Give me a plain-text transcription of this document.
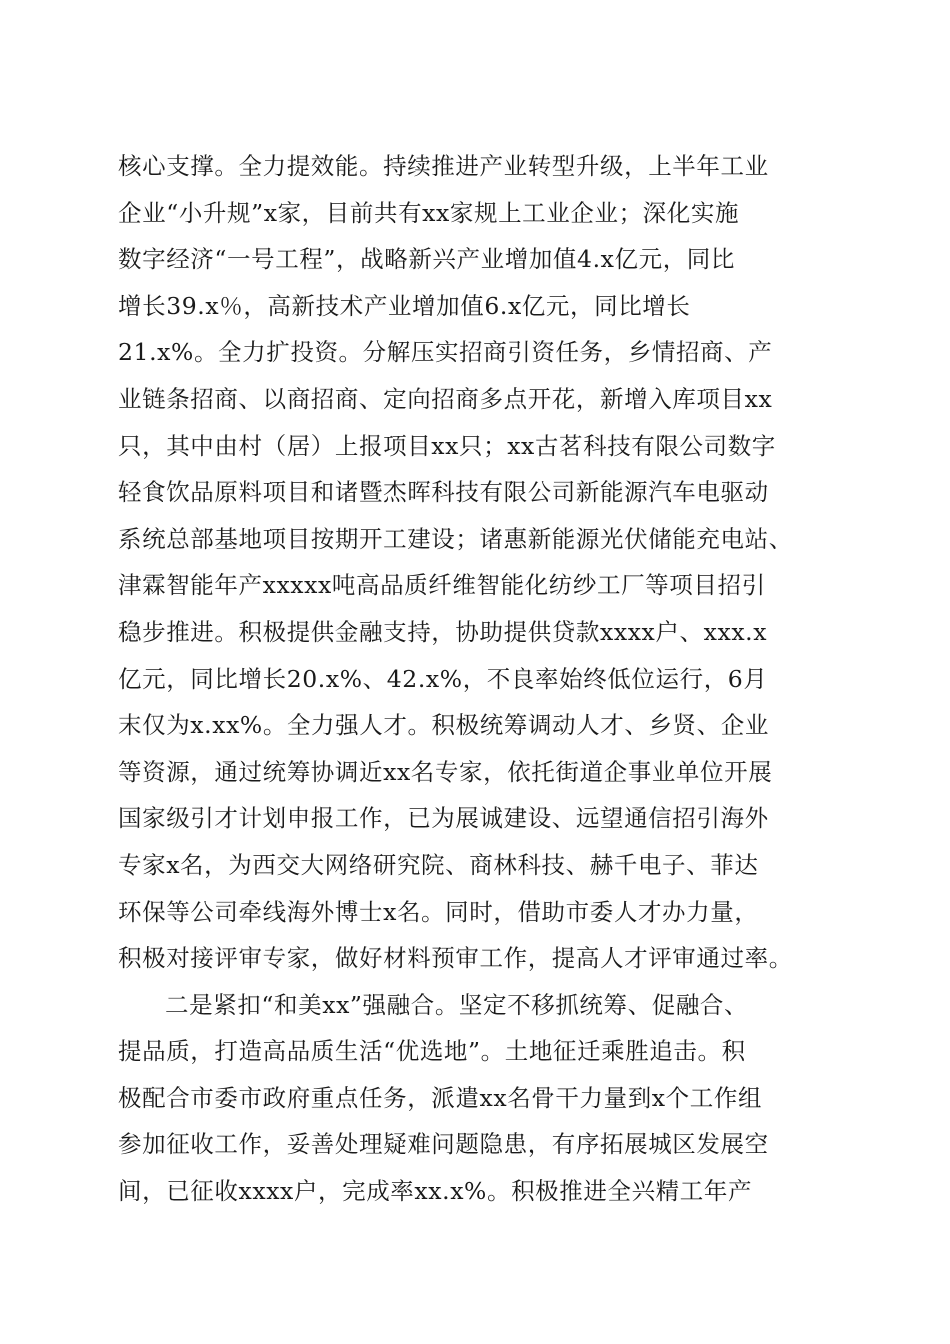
核心支撑。全力提效能。持续推进产业转型升级，上半年工业
企业“小升规”x家，目前共有xx家规上工业企业；深化实施
数字经济“一号工程”，战略新兴产业增加值4.x亿元，同比
增长39.x％，高新技术产业增加值6.x亿元，同比增长
21.x%。全力扩投资。分解压实招商引资任务，乡情招商、产
业链条招商、以商招商、定向招商多点开花，新增入库项目xx
只，其中由村（居）上报项目xx只；xx古茗科技有限公司数字
轻食饮品原料项目和诸暨杰晖科技有限公司新能源汽车电驱动
系统总部基地项目按期开工建设；诸惠新能源光伏储能充电站、
津霖智能年产xxxxx吨高品质纤维智能化纺纱工厂等项目招引
稳步推进。积极提供金融支持，协助提供贷款xxxx户、xxx.x
亿元，同比增长20.x%、42.x%，不良率始终低位运行，6月
末仅为x.xx%。全力强人才。积极统筹调动人才、乡贤、企业
等资源，通过统筹协调近xx名专家，依托街道企事业单位开展
国家级引才计划申报工作，已为展诚建设、远望通信招引海外
专家x名，为西交大网络研究院、商林科技、赫千电子、菲达
环保等公司牵线海外博士x名。同时，借助市委人才办力量，
积极对接评审专家，做好材料预审工作，提高人才评审通过率。
二是紧扣“和美xx”强融合。坚定不移抓统筹、促融合、
提品质，打造高品质生活“优选地”。土地征迁乘胜追击。积
极配合市委市政府重点任务，派遣xx名骨干力量到x个工作组
参加征收工作，妥善处理疑难问题隐患，有序拓展城区发展空
间，已征收xxxx户，完成率xx.x%。积极推进全兴精工年产
